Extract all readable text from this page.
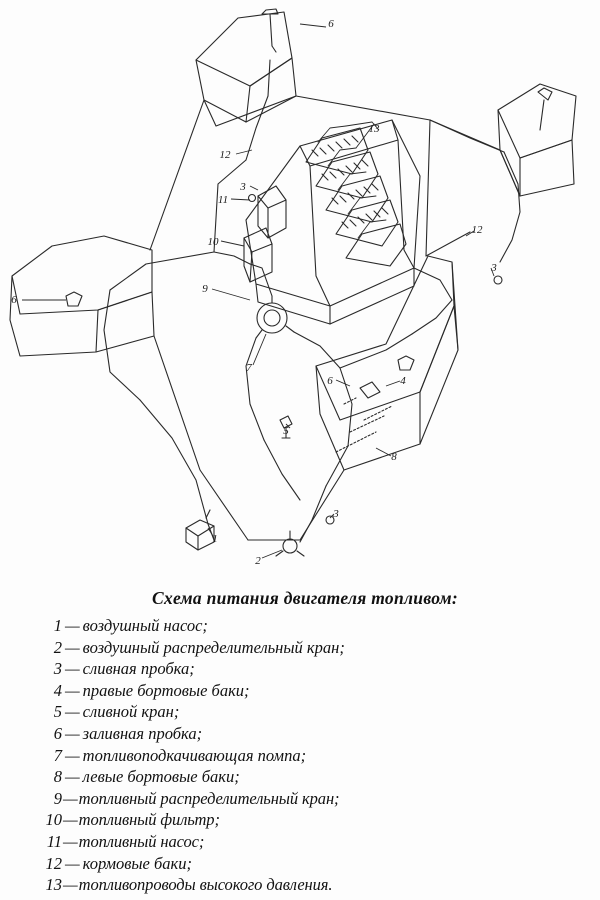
6
12
13
3
11
10
12
3
6
9
7
6	4
5
8
3
1
2
Схема питания двигателя топливом:
1 — воздушный насос;
2 — воздушный распределительный кран;
3 — сливная пробка;
4 — правые бортовые баки;
5 — сливной кран;
6 — заливная пробка;
7 — топливоподкачивающая помпа;
8 — левые бортовые баки;
9—топливный распределительный кран;
10—топливный фильтр;
11—топливный насос;
12 — кормовые баки;
13—топливопроводы высокого давления.
